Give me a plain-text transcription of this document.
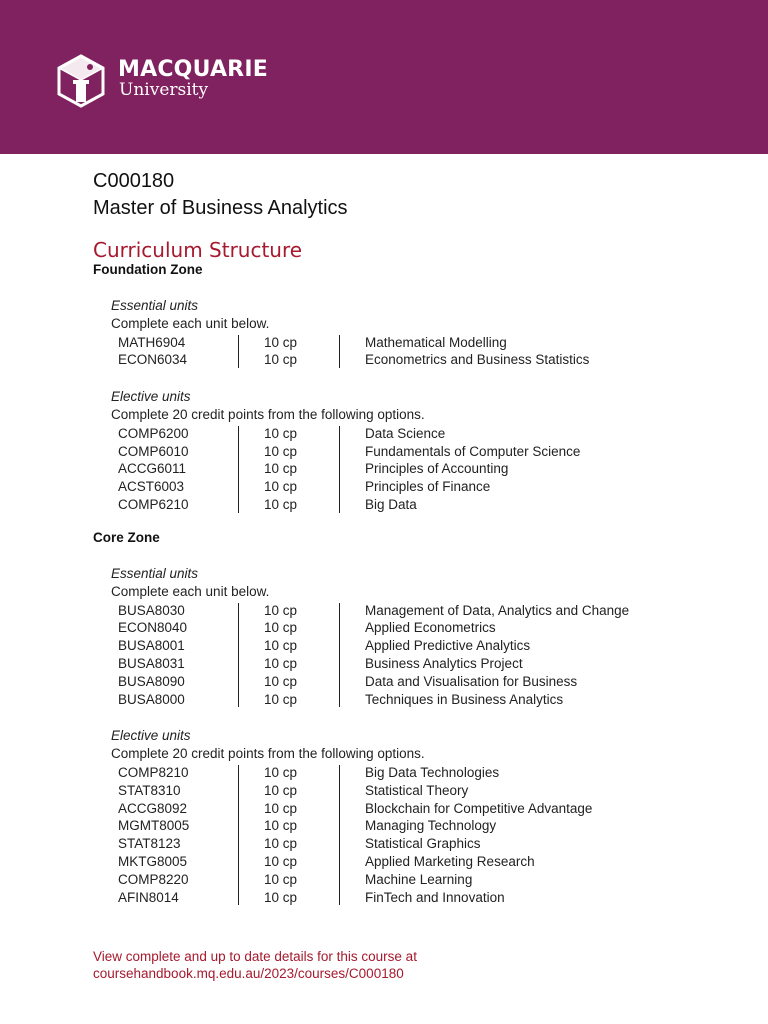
MACQUARIE
University
C000180
Master of Business Analytics
Curriculum Structure
Foundation Zone
Essential units
Complete each unit below.
MATH6904	10 cp	Mathematical Modelling
ECON6034	10 cp	Econometrics and Business Statistics
Elective units
Complete 20 credit points from the following options.
COMP6200	10 cp	Data Science
COMP6010	10 cp	Fundamentals of Computer Science
ACCG6011	10 cp	Principles of Accounting
ACST6003	10 cp	Principles of Finance
COMP6210	10 cp	Big Data
Core Zone
Essential units
Complete each unit below.
BUSA8030	10 cp	Management of Data, Analytics and Change
ECON8040	10 cp	Applied Econometrics
BUSA8001	10 cp	Applied Predictive Analytics
BUSA8031	10 cp	Business Analytics Project
BUSA8090	10 cp	Data and Visualisation for Business
BUSA8000	10 cp	Techniques in Business Analytics
Elective units
Complete 20 credit points from the following options.
COMP8210	10 cp	Big Data Technologies
STAT8310	10 cp	Statistical Theory
ACCG8092	10 cp	Blockchain for Competitive Advantage
MGMT8005	10 cp	Managing Technology
STAT8123	10 cp	Statistical Graphics
MKTG8005	10 cp	Applied Marketing Research
COMP8220	10 cp	Machine Learning
AFIN8014	10 cp	FinTech and Innovation
View complete and up to date details for this course at
coursehandbook.mq.edu.au/2023/courses/C000180
